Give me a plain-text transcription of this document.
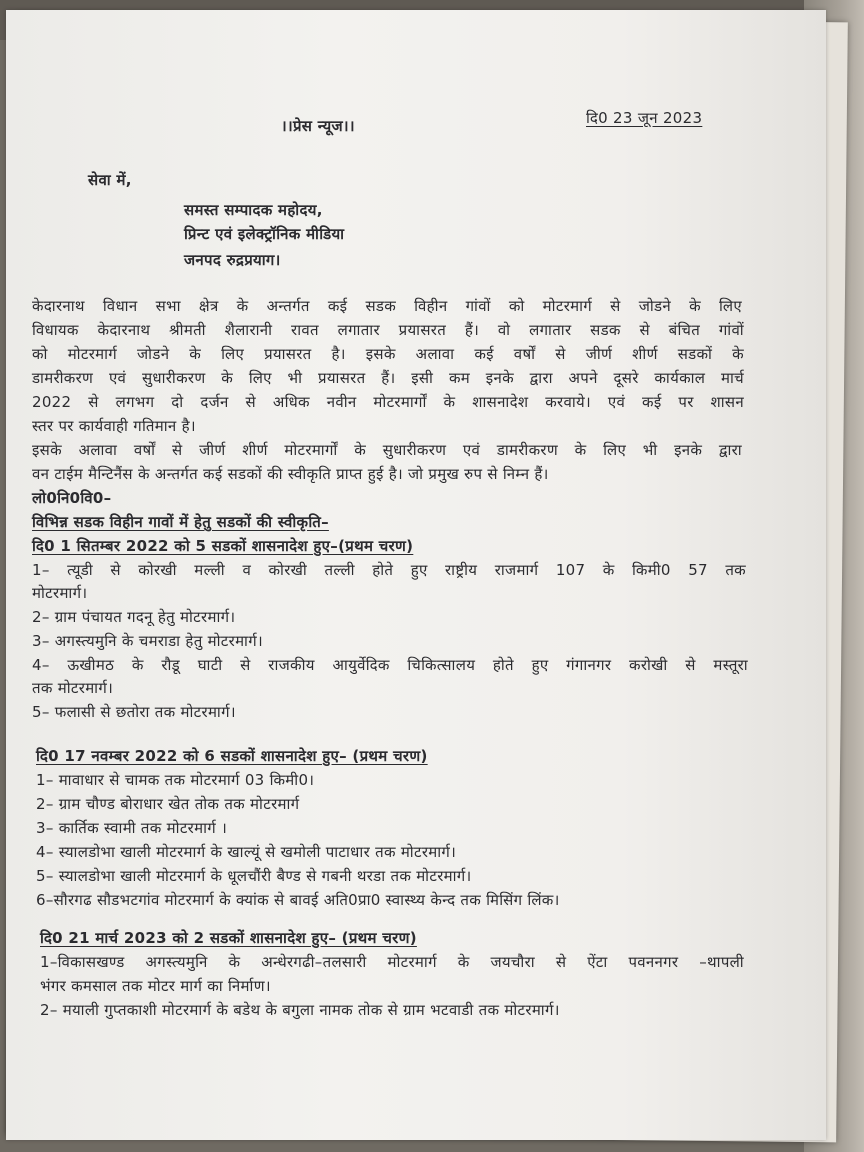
।।प्रेस न्यूज।।	दि0 23 जून 2023
सेवा में,
समस्त सम्पादक महोदय,
प्रिन्ट एवं इलेक्ट्रॉनिक मीडिया
जनपद रुद्रप्रयाग।
केदारनाथ विधान सभा क्षेत्र के अन्तर्गत कई सडक विहीन गांवों को मोटरमार्ग से जोडने के लिए
विधायक केदारनाथ श्रीमती शैलारानी रावत लगातार प्रयासरत हैं। वो लगातार सडक से बंचित गांवों
को मोटरमार्ग जोडने के लिए प्रयासरत है। इसके अलावा कई वर्षों से जीर्ण शीर्ण सडकों के
डामरीकरण एवं सुधारीकरण के लिए भी प्रयासरत हैं। इसी कम इनके द्वारा अपने दूसरे कार्यकाल मार्च
2022 से लगभग दो दर्जन से अधिक नवीन मोटरमार्गों के शासनादेश करवाये। एवं कई पर शासन
स्तर पर कार्यवाही गतिमान है।
इसके अलावा वर्षों से जीर्ण शीर्ण मोटरमार्गों के सुधारीकरण एवं डामरीकरण के लिए भी इनके द्वारा
वन टाईम मैन्टिनैंस के अन्तर्गत कई सडकों की स्वीकृति प्राप्त हुई है। जो प्रमुख रुप से निम्न हैं।
लो0नि0वि0–
विभिन्न सडक विहीन गावों में हेतु सडकों की स्वीकृति–
दि0 1 सितम्बर 2022 को 5 सडकों शासनादेश हुए–(प्रथम चरण)
1– त्यूडी से कोरखी मल्ली व कोरखी तल्ली होते हुए राष्ट्रीय राजमार्ग 107 के किमी0 57 तक
मोटरमार्ग।
2– ग्राम पंचायत गदनू हेतु मोटरमार्ग।
3– अगस्त्यमुनि के चमराडा हेतु मोटरमार्ग।
4– ऊखीमठ के रौडू घाटी से राजकीय आयुर्वेदिक चिकित्सालय होते हुए गंगानगर करोखी से मस्तूरा
तक मोटरमार्ग।
5– फलासी से छतोरा तक मोटरमार्ग।
दि0 17 नवम्बर 2022 को 6 सडकों शासनादेश हुए– (प्रथम चरण)
1– मावाधार से चामक तक मोटरमार्ग 03 किमी0।
2– ग्राम चौण्ड बोराधार खेत तोक तक मोटरमार्ग
3– कार्तिक स्वामी तक मोटरमार्ग ।
4– स्यालडोभा खाली मोटरमार्ग के खाल्यूं से खमोली पाटाधार तक मोटरमार्ग।
5– स्यालडोभा खाली मोटरमार्ग के धूलचौंरी बैण्ड से गबनी थरडा तक मोटरमार्ग।
6–सौरगढ सौडभटगांव मोटरमार्ग के क्यांक से बावई अति0प्रा0 स्वास्थ्य केन्द तक मिसिंग लिंक।
दि0 21 मार्च 2023 को 2 सडकों शासनादेश हुए– (प्रथम चरण)
1–विकासखण्ड अगस्त्यमुनि के अन्धेरगढी–तलसारी मोटरमार्ग के जयचौरा से ऐंटा पवननगर –थापली
भंगर कमसाल तक मोटर मार्ग का निर्माण।
2– मयाली गुप्तकाशी मोटरमार्ग के बडेथ के बगुला नामक तोक से ग्राम भटवाडी तक मोटरमार्ग।
